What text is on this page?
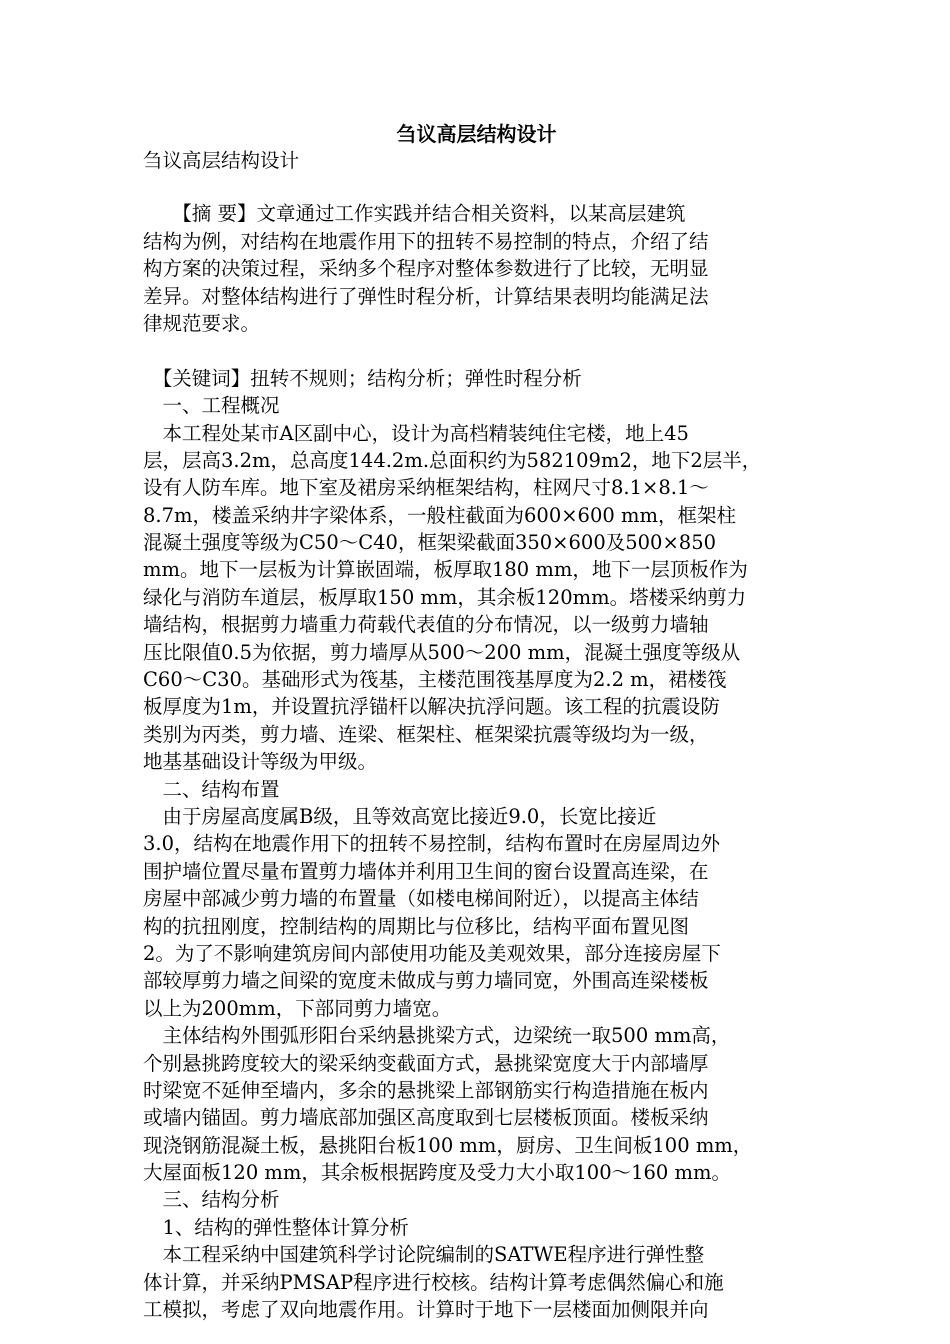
刍议高层结构设计
刍议高层结构设计
　　【摘 要】文章通过工作实践并结合相关资料，以某高层建筑
结构为例，对结构在地震作用下的扭转不易控制的特点，介绍了结
构方案的决策过程，采纳多个程序对整体参数进行了比较，无明显
差异。对整体结构进行了弹性时程分析，计算结果表明均能满足法
律规范要求。
　【关键词】扭转不规则；结构分析；弹性时程分析
　一、工程概况
　本工程处某市A区副中心，设计为高档精装纯住宅楼，地上45
层，层高3.2m，总高度144.2m.总面积约为582109m2，地下2层半，
设有人防车库。地下室及裙房采纳框架结构，柱网尺寸8.1×8.1～
8.7m，楼盖采纳井字梁体系，一般柱截面为600×600 mm，框架柱
混凝土强度等级为C50～C40，框架梁截面350×600及500×850
mm。地下一层板为计算嵌固端，板厚取180 mm，地下一层顶板作为
绿化与消防车道层，板厚取150 mm，其余板120mm。塔楼采纳剪力
墙结构，根据剪力墙重力荷载代表值的分布情况，以一级剪力墙轴
压比限值0.5为依据，剪力墙厚从500～200 mm，混凝土强度等级从
C60～C30。基础形式为筏基，主楼范围筏基厚度为2.2 m，裙楼筏
板厚度为1m，并设置抗浮锚杆以解决抗浮问题。该工程的抗震设防
类别为丙类，剪力墙、连梁、框架柱、框架梁抗震等级均为一级，
地基基础设计等级为甲级。
　二、结构布置
　由于房屋高度属B级，且等效高宽比接近9.0，长宽比接近
3.0，结构在地震作用下的扭转不易控制，结构布置时在房屋周边外
围护墙位置尽量布置剪力墙体并利用卫生间的窗台设置高连梁，在
房屋中部减少剪力墙的布置量（如楼电梯间附近），以提高主体结
构的抗扭刚度，控制结构的周期比与位移比，结构平面布置见图
2。为了不影响建筑房间内部使用功能及美观效果，部分连接房屋下
部较厚剪力墙之间梁的宽度未做成与剪力墙同宽，外围高连梁楼板
以上为200mm，下部同剪力墙宽。
　主体结构外围弧形阳台采纳悬挑梁方式，边梁统一取500 mm高，
个别悬挑跨度较大的梁采纳变截面方式，悬挑梁宽度大于内部墙厚
时梁宽不延伸至墙内，多余的悬挑梁上部钢筋实行构造措施在板内
或墙内锚固。剪力墙底部加强区高度取到七层楼板顶面。楼板采纳
现浇钢筋混凝土板，悬挑阳台板100 mm，厨房、卫生间板100 mm，
大屋面板120 mm，其余板根据跨度及受力大小取100～160 mm。
　三、结构分析
　1、结构的弹性整体计算分析
　本工程采纳中国建筑科学讨论院编制的SATWE程序进行弹性整
体计算，并采纳PMSAP程序进行校核。结构计算考虑偶然偏心和施
工模拟，考虑了双向地震作用。计算时于地下一层楼面加侧限并向
